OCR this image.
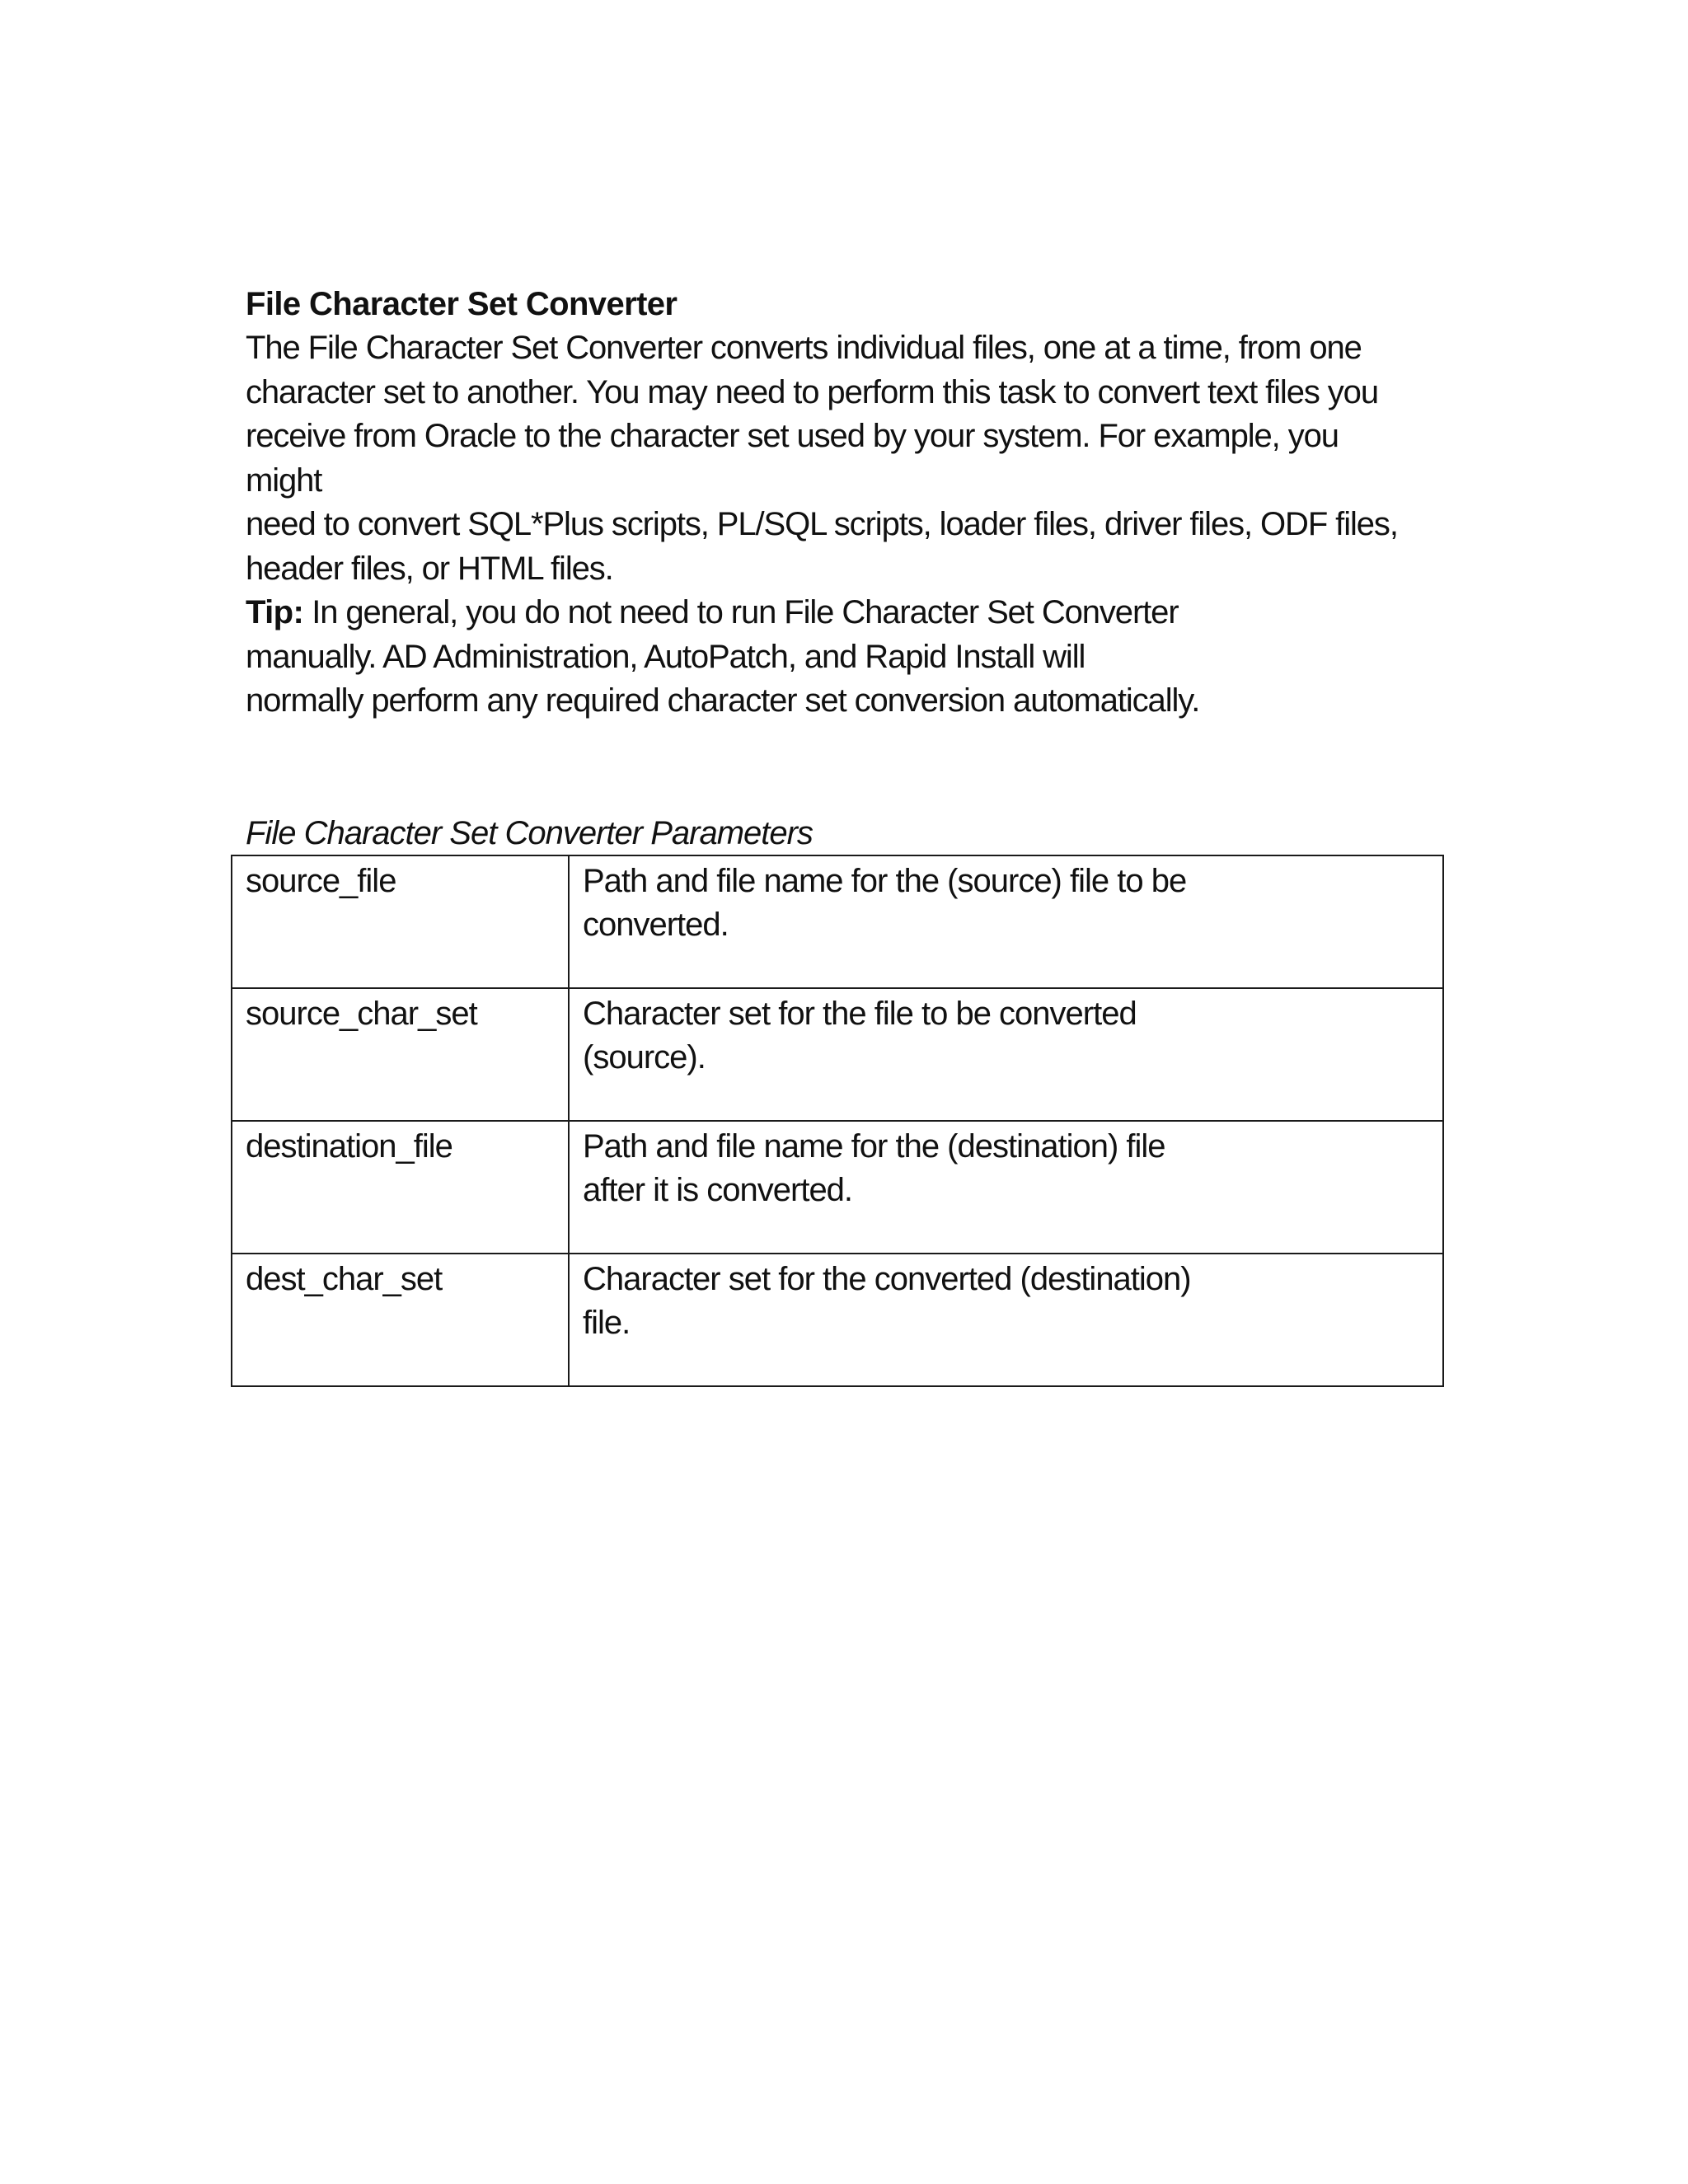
File Character Set Converter
The File Character Set Converter converts individual files, one at a time, from one
character set to another. You may need to perform this task to convert text files you
receive from Oracle to the character set used by your system. For example, you
might
need to convert SQL*Plus scripts, PL/SQL scripts, loader files, driver files, ODF files,
header files, or HTML files.
Tip: In general, you do not need to run File Character Set Converter
manually. AD Administration, AutoPatch, and Rapid Install will
normally perform any required character set conversion automatically.
File Character Set Converter Parameters
source_file	Path and file name for the (source) file to be
converted.

source_char_set	Character set for the file to be converted
(source).

destination_file	Path and file name for the (destination) file
after it is converted.

dest_char_set	Character set for the converted (destination)
file.
